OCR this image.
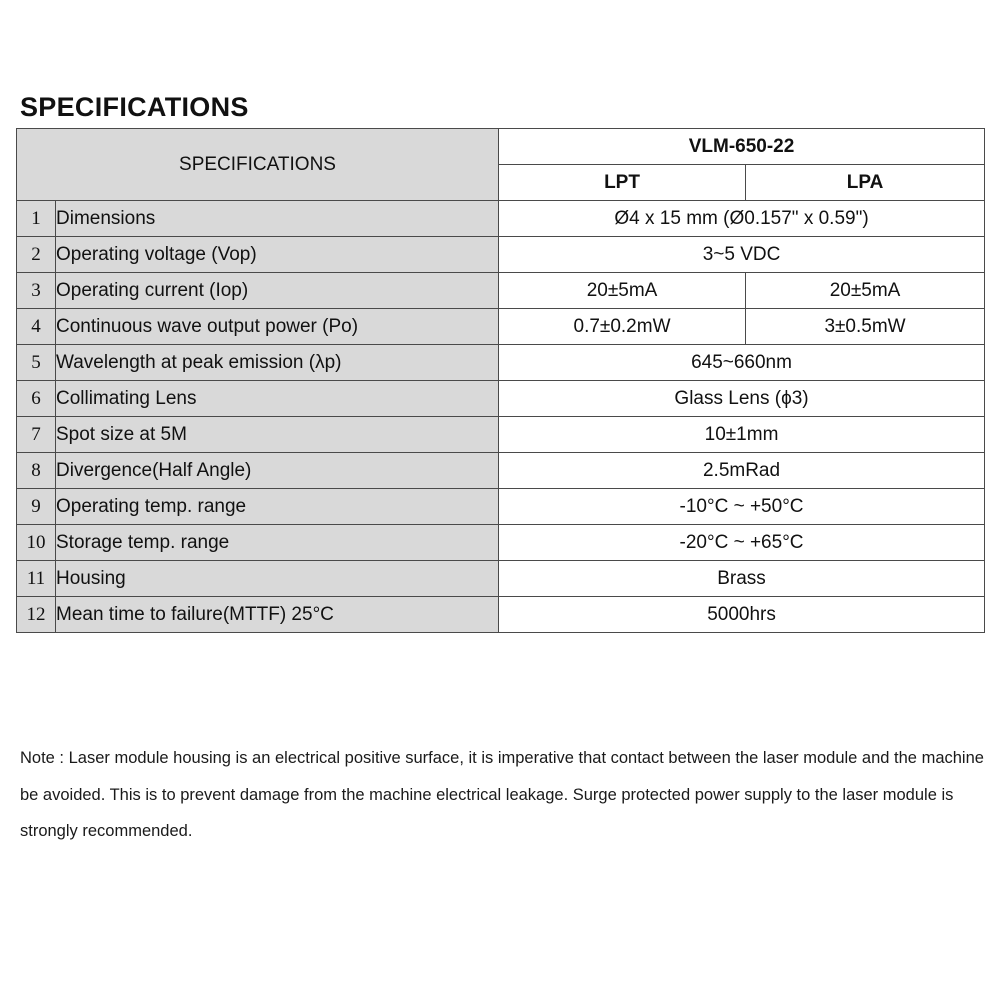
SPECIFICATIONS
SPECIFICATIONS		VLM-650-22	
		LPT	LPA
1	Dimensions	Ø4 x 15 mm (Ø0.157" x 0.59")	
2	Operating voltage (Vop)	3~5 VDC	
3	Operating current (Iop)	20±5mA	20±5mA
4	Continuous wave output power (Po)	0.7±0.2mW	3±0.5mW
5	Wavelength at peak emission (λp)	645~660nm	
6	Collimating Lens	Glass Lens (ϕ3)	
7	Spot size at 5M	10±1mm	
8	Divergence(Half Angle)	2.5mRad	
9	Operating temp. range	-10°C ~ +50°C	
10	Storage temp. range	-20°C ~ +65°C	
11	Housing	Brass	
12	Mean time to failure(MTTF) 25°C	5000hrs	
Note : Laser module housing is an electrical positive surface, it is imperative that contact between the laser module and the machine be avoided. This is to prevent damage from the machine electrical leakage. Surge protected power supply to the laser module is strongly recommended.
